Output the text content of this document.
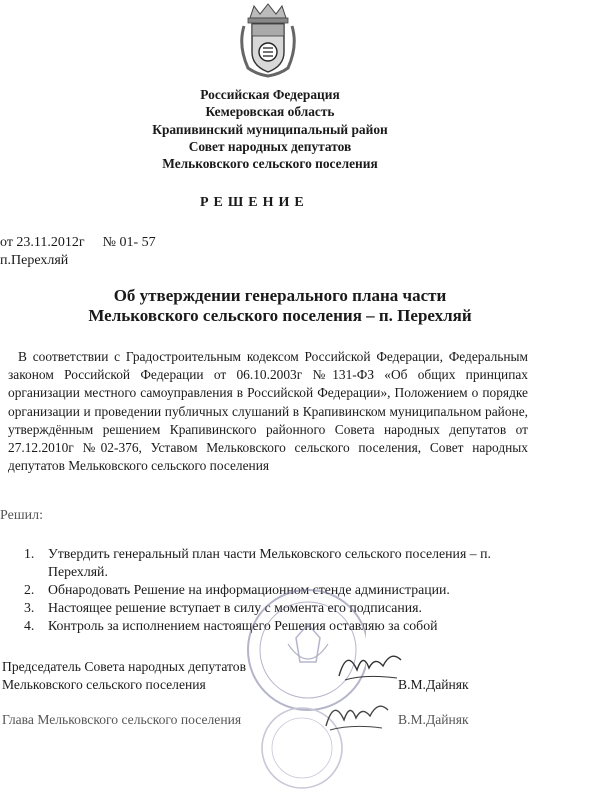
Российская Федерация
Кемеровская область
Крапивинский муниципальный район
Совет народных депутатов
Мельковского сельского поселения
РЕШЕНИЕ
от 23.11.2012г № 01- 57
п.Перехляй
Об утверждении генерального плана части
Мельковского сельского поселения – п. Перехляй
В соответствии с Градостроительным кодексом Российской Федерации, Федеральным законом Российской Федерации от 06.10.2003г №131-ФЗ «Об общих принципах организации местного самоуправления в Российской Федерации», Положением о порядке организации и проведении публичных слушаний в Крапивинском муниципальном районе, утверждённым решением Крапивинского районного Совета народных депутатов от 27.12.2010г №02-376, Уставом Мельковского сельского поселения, Совет народных депутатов Мельковского сельского поселения
Решил:
1. Утвердить генеральный план части Мельковского сельского поселения – п. Перехляй.
2. Обнародовать Решение на информационном стенде администрации.
3. Настоящее решение вступает в силу с момента его подписания.
4. Контроль за исполнением настоящего Решения оставляю за собой
Председатель Совета народных депутатов
Мельковского сельского поселения	В.М.Дайняк
Глава Мельковского сельского поселения	В.М.Дайняк
